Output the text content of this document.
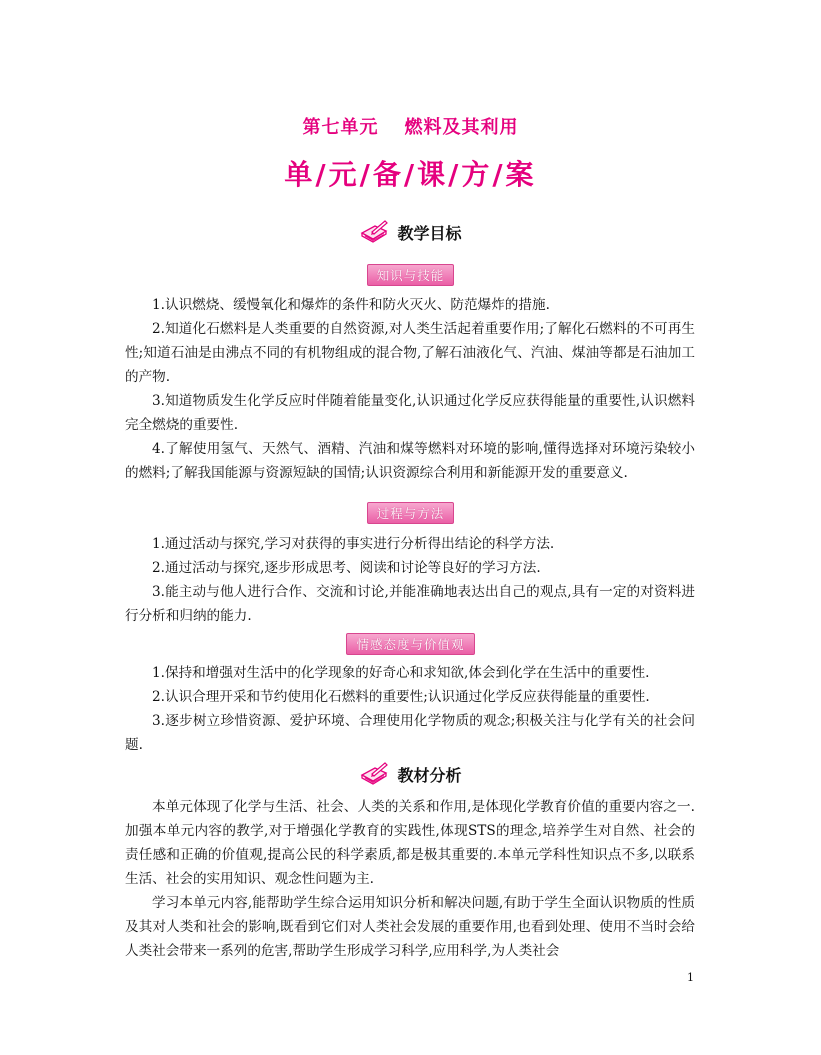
第七单元 燃料及其利用
单/元/备/课/方/案
教学目标
知识与技能

1.认识燃烧、缓慢氧化和爆炸的条件和防火灭火、防范爆炸的措施.

2.知道化石燃料是人类重要的自然资源,对人类生活起着重要作用;了解化石燃料的不可再生性;知道石油是由沸点不同的有机物组成的混合物,了解石油液化气、汽油、煤油等都是石油加工的产物.

3.知道物质发生化学反应时伴随着能量变化,认识通过化学反应获得能量的重要性,认识燃料完全燃烧的重要性.

4.了解使用氢气、天然气、酒精、汽油和煤等燃料对环境的影响,懂得选择对环境污染较小的燃料;了解我国能源与资源短缺的国情;认识资源综合利用和新能源开发的重要意义.

过程与方法

1.通过活动与探究,学习对获得的事实进行分析得出结论的科学方法.

2.通过活动与探究,逐步形成思考、阅读和讨论等良好的学习方法.

3.能主动与他人进行合作、交流和讨论,并能准确地表达出自己的观点,具有一定的对资料进行分析和归纳的能力.

情感态度与价值观

1.保持和增强对生活中的化学现象的好奇心和求知欲,体会到化学在生活中的重要性.

2.认识合理开采和节约使用化石燃料的重要性;认识通过化学反应获得能量的重要性.

3.逐步树立珍惜资源、爱护环境、合理使用化学物质的观念;积极关注与化学有关的社会问题.

教材分析

本单元体现了化学与生活、社会、人类的关系和作用,是体现化学教育价值的重要内容之一.加强本单元内容的教学,对于增强化学教育的实践性,体现STS的理念,培养学生对自然、社会的责任感和正确的价值观,提高公民的科学素质,都是极其重要的.本单元学科性知识点不多,以联系生活、社会的实用知识、观念性问题为主.

学习本单元内容,能帮助学生综合运用知识分析和解决问题,有助于学生全面认识物质的性质及其对人类和社会的影响,既看到它们对人类社会发展的重要作用,也看到处理、使用不当时会给人类社会带来一系列的危害,帮助学生形成学习科学,应用科学,为人类社会

1
